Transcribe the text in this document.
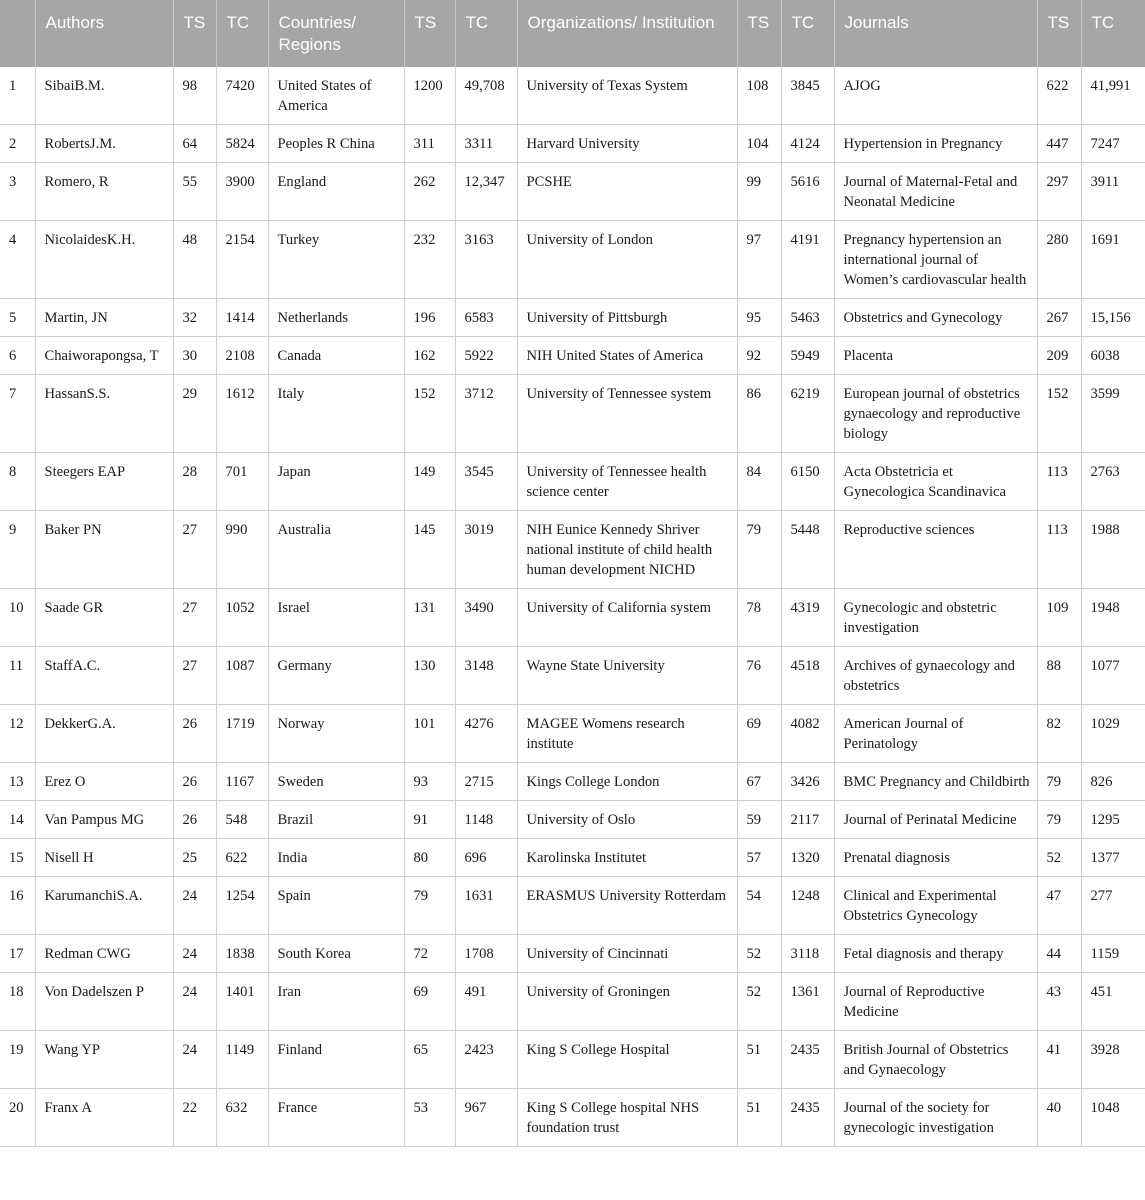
	Authors	TS	TC	Countries/ Regions	TS	TC	Organizations/ Institution	TS	TC	Journals	TS	TC
1	SibaiB.M.	98	7420	United States of America	1200	49,708	University of Texas System	108	3845	AJOG	622	41,991
2	RobertsJ.M.	64	5824	Peoples R China	311	3311	Harvard University	104	4124	Hypertension in Pregnancy	447	7247
3	Romero, R	55	3900	England	262	12,347	PCSHE	99	5616	Journal of Maternal-Fetal and Neonatal Medicine	297	3911
4	NicolaidesK.H.	48	2154	Turkey	232	3163	University of London	97	4191	Pregnancy hypertension an international journal of Women’s cardiovascular health	280	1691
5	Martin, JN	32	1414	Netherlands	196	6583	University of Pittsburgh	95	5463	Obstetrics and Gynecology	267	15,156
6	Chaiworapongsa, T	30	2108	Canada	162	5922	NIH United States of America	92	5949	Placenta	209	6038
7	HassanS.S.	29	1612	Italy	152	3712	University of Tennessee system	86	6219	European journal of obstetrics gynaecology and reproductive biology	152	3599
8	Steegers EAP	28	701	Japan	149	3545	University of Tennessee health science center	84	6150	Acta Obstetricia et Gynecologica Scandinavica	113	2763
9	Baker PN	27	990	Australia	145	3019	NIH Eunice Kennedy Shriver national institute of child health human development NICHD	79	5448	Reproductive sciences	113	1988
10	Saade GR	27	1052	Israel	131	3490	University of California system	78	4319	Gynecologic and obstetric investigation	109	1948
11	StaffA.C.	27	1087	Germany	130	3148	Wayne State University	76	4518	Archives of gynaecology and obstetrics	88	1077
12	DekkerG.A.	26	1719	Norway	101	4276	MAGEE Womens research institute	69	4082	American Journal of Perinatology	82	1029
13	Erez O	26	1167	Sweden	93	2715	Kings College London	67	3426	BMC Pregnancy and Childbirth	79	826
14	Van Pampus MG	26	548	Brazil	91	1148	University of Oslo	59	2117	Journal of Perinatal Medicine	79	1295
15	Nisell H	25	622	India	80	696	Karolinska Institutet	57	1320	Prenatal diagnosis	52	1377
16	KarumanchiS.A.	24	1254	Spain	79	1631	ERASMUS University Rotterdam	54	1248	Clinical and Experimental Obstetrics Gynecology	47	277
17	Redman CWG	24	1838	South Korea	72	1708	University of Cincinnati	52	3118	Fetal diagnosis and therapy	44	1159
18	Von Dadelszen P	24	1401	Iran	69	491	University of Groningen	52	1361	Journal of Reproductive Medicine	43	451
19	Wang YP	24	1149	Finland	65	2423	King S College Hospital	51	2435	British Journal of Obstetrics and Gynaecology	41	3928
20	Franx A	22	632	France	53	967	King S College hospital NHS foundation trust	51	2435	Journal of the society for gynecologic investigation	40	1048
